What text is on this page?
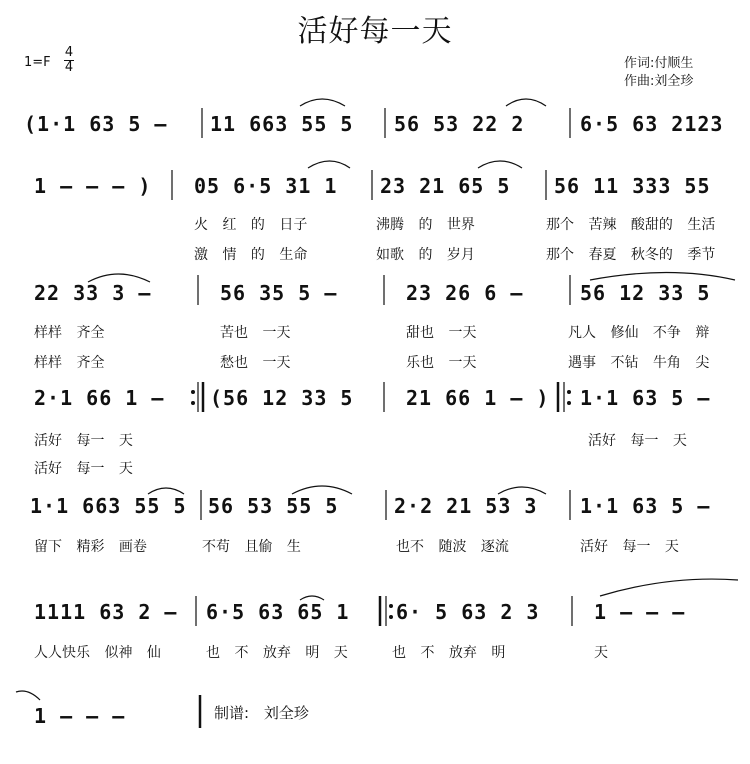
活好每一天
1=F
4
4	作词:付顺生
作曲:刘全珍
(1·1 63 5 – 11 663 55 5 56 53 22 2	6·5 63 2123
1 – – – ) 05 6·5 31 1 23 21 65 5 56 11 333 55
22 33 3 –	56 35 5 –	23 26 6 –	56 12 33 5
2·1 66 1 – (56 12 33 5	21 66 1 – ) 1·1 63 5 –
1·1 663 55 5 56 53 55 5	2·2 21 53 3 1·1 63 5 –
1111 63 2 – 6·5 63 65 1 6· 5 63 2 3	1 – – –
1 – – –
火 红 的 日子	沸腾 的 世界	那个 苦辣 酸甜的 生活
激 情 的 生命	如歌 的 岁月	那个 春夏 秋冬的 季节
样样 齐全	苦也 一天	甜也 一天	凡人 修仙 不争 辩
样样 齐全	愁也 一天	乐也 一天	遇事 不钻 牛角 尖
活好 每一 天	活好 每一 天
活好 每一 天
留下 精彩 画卷	不苟 且偷 生	也不 随波 逐流	活好 每一 天
人人快乐 似神 仙	也 不 放弃 明 天	也 不 放弃 明	天
制谱: 刘全珍
